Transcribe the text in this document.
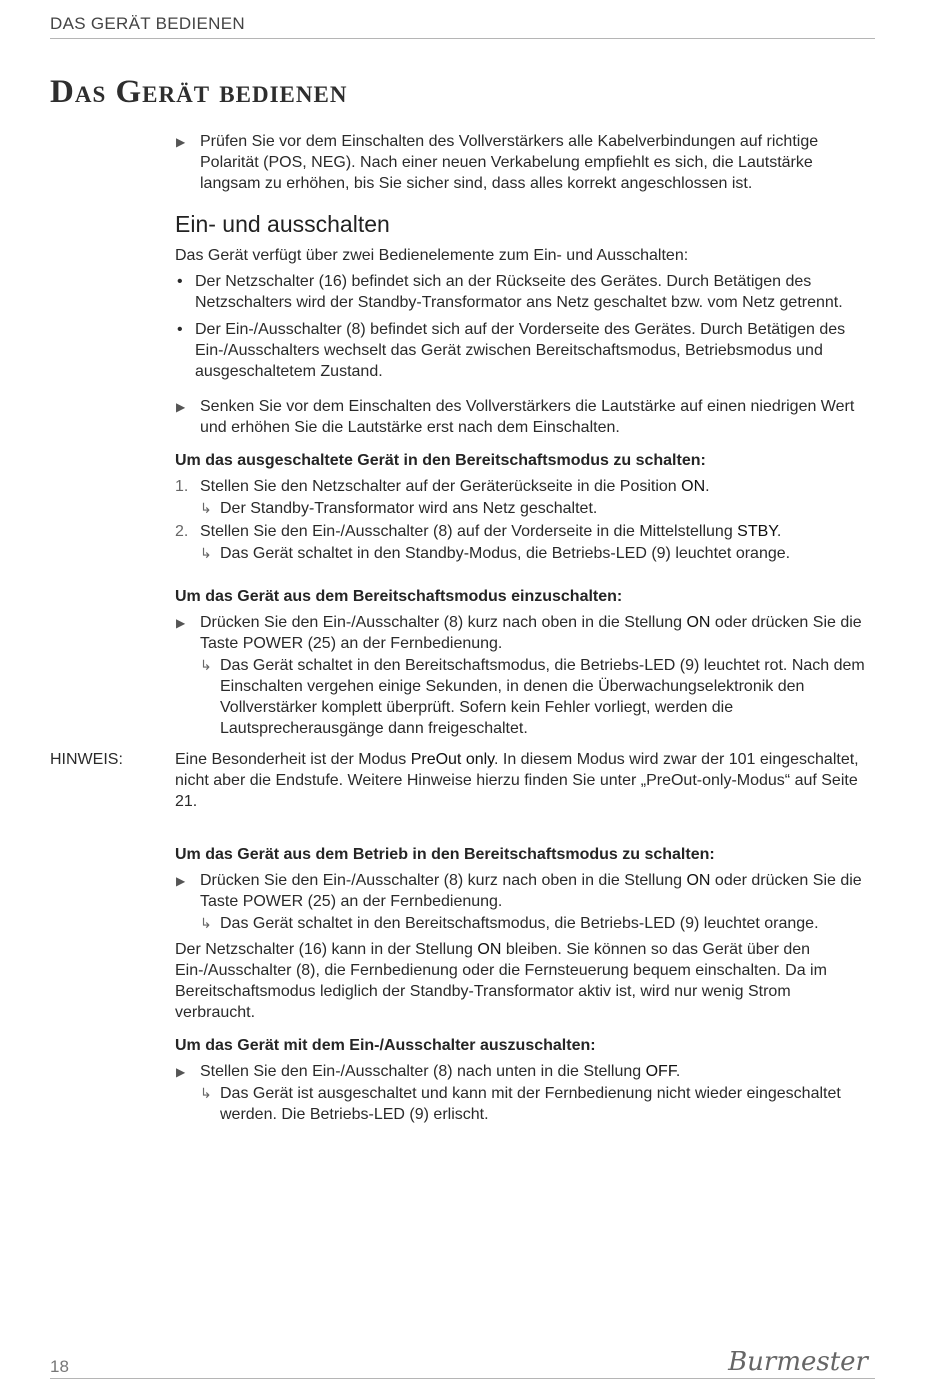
DAS GERÄT BEDIENEN
Das Gerät bedienen
▶ Prüfen Sie vor dem Einschalten des Vollverstärkers alle Kabelverbindungen auf richtige Polarität (POS, NEG). Nach einer neuen Verkabelung empfiehlt es sich, die Lautstärke langsam zu erhöhen, bis Sie sicher sind, dass alles korrekt angeschlossen ist.
Ein- und ausschalten
Das Gerät verfügt über zwei Bedienelemente zum Ein- und Ausschalten:
• Der Netzschalter (16) befindet sich an der Rückseite des Gerätes. Durch Betätigen des Netzschalters wird der Standby-Transformator ans Netz geschaltet bzw. vom Netz getrennt.
• Der Ein-/Ausschalter (8) befindet sich auf der Vorderseite des Gerätes. Durch Betätigen des Ein-/Ausschalters wechselt das Gerät zwischen Bereitschaftsmodus, Betriebsmodus und ausgeschaltetem Zustand.
▶ Senken Sie vor dem Einschalten des Vollverstärkers die Lautstärke auf einen niedrigen Wert und erhöhen Sie die Lautstärke erst nach dem Einschalten.
Um das ausgeschaltete Gerät in den Bereitschaftsmodus zu schalten:
1. Stellen Sie den Netzschalter auf der Geräterückseite in die Position ON.
↳ Der Standby-Transformator wird ans Netz geschaltet.
2. Stellen Sie den Ein-/Ausschalter (8) auf der Vorderseite in die Mittelstellung STBY.
↳ Das Gerät schaltet in den Standby-Modus, die Betriebs-LED (9) leuchtet orange.
Um das Gerät aus dem Bereitschaftsmodus einzuschalten:
▶ Drücken Sie den Ein-/Ausschalter (8) kurz nach oben in die Stellung ON oder drücken Sie die Taste POWER (25) an der Fernbedienung.
↳ Das Gerät schaltet in den Bereitschaftsmodus, die Betriebs-LED (9) leuchtet rot. Nach dem Einschalten vergehen einige Sekunden, in denen die Überwachungselektronik den Vollverstärker komplett überprüft. Sofern kein Fehler vorliegt, werden die Lautsprecherausgänge dann freigeschaltet.
HINWEIS:	Eine Besonderheit ist der Modus PreOut only. In diesem Modus wird zwar der 101 eingeschaltet, nicht aber die Endstufe. Weitere Hinweise hierzu finden Sie unter „PreOut-only-Modus“ auf Seite 21.
Um das Gerät aus dem Betrieb in den Bereitschaftsmodus zu schalten:
▶ Drücken Sie den Ein-/Ausschalter (8) kurz nach oben in die Stellung ON oder drücken Sie die Taste POWER (25) an der Fernbedienung.
↳ Das Gerät schaltet in den Bereitschaftsmodus, die Betriebs-LED (9) leuchtet orange.
Der Netzschalter (16) kann in der Stellung ON bleiben. Sie können so das Gerät über den Ein-/Ausschalter (8), die Fernbedienung oder die Fernsteuerung bequem einschalten. Da im Bereitschaftsmodus lediglich der Standby-Transformator aktiv ist, wird nur wenig Strom verbraucht.
Um das Gerät mit dem Ein-/Ausschalter auszuschalten:
▶ Stellen Sie den Ein-/Ausschalter (8) nach unten in die Stellung OFF.
↳ Das Gerät ist ausgeschaltet und kann mit der Fernbedienung nicht wieder eingeschaltet werden. Die Betriebs-LED (9) erlischt.
18	Burmester
